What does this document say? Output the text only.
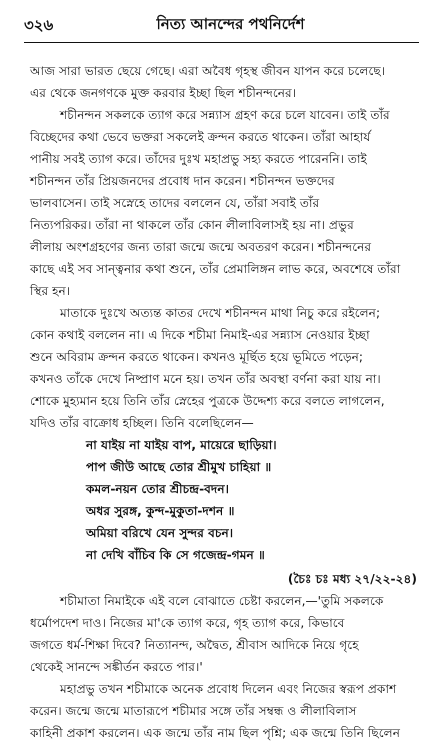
৩২৬	নিত্য আনন্দের পথনির্দেশ
আজ সারা ভারত ছেয়ে গেছে। এরা অবৈধ গৃহস্থ জীবন যাপন করে চলেছে।
এর থেকে জনগণকে মুক্ত করবার ইচ্ছা ছিল শচীনন্দনের।
শচীনন্দন সকলকে ত্যাগ করে সন্ন্যাস গ্রহণ করে চলে যাবেন। তাই তাঁর
বিচ্ছেদের কথা ভেবে ভক্তরা সকলেই ক্রন্দন করতে থাকেন। তাঁরা আহার্য
পানীয় সবই ত্যাগ করে। তাঁদের দুঃখ মহাপ্রভু সহ্য করতে পারেননি। তাই
শচীনন্দন তাঁর প্রিয়জনদের প্রবোধ দান করেন। শচীনন্দন ভক্তদের
ভালবাসেন। তাই সস্নেহে তাদের বললেন যে, তাঁরা সবাই তাঁর
নিত্যপরিকর। তাঁরা না থাকলে তাঁর কোন লীলাবিলাসই হয় না। প্রভুর
লীলায় অংশগ্রহণের জন্য তারা জন্মে জন্মে অবতরণ করেন। শচীনন্দনের
কাছে এই সব সান্ত্বনার কথা শুনে, তাঁর প্রেমালিঙ্গন লাভ করে, অবশেষে তাঁরা
স্থির হন।
মাতাকে দুঃখে অত্যন্ত কাতর দেখে শচীনন্দন মাথা নিচু করে রইলেন;
কোন কথাই বললেন না। এ দিকে শচীমা নিমাই-এর সন্ন্যাস নেওয়ার ইচ্ছা
শুনে অবিরাম ক্রন্দন করতে থাকেন। কখনও মূর্ছিত হয়ে ভূমিতে পড়েন;
কখনও তাঁকে দেখে নিষ্প্রাণ মনে হয়। তখন তাঁর অবস্থা বর্ণনা করা যায় না।
শোকে মুহ্যমান হয়ে তিনি তাঁর স্নেহের পুত্রকে উদ্দেশ্য করে বলতে লাগলেন,
যদিও তাঁর বাক্রোধ হচ্ছিল। তিনি বলেছিলেন—
না যাইয় না যাইয় বাপ, মায়েরে ছাড়িয়া।
পাপ জীউ আছে তোর শ্রীমুখ চাহিয়া ॥
কমল-নয়ন তোর শ্রীচন্দ্র-বদন।
অধর সুরঙ্গ, কুন্দ-মুকুতা-দশন ॥
অমিয়া বরিখে যেন সুন্দর বচন।
না দেখি বাঁচিব কি সে গজেন্দ্র-গমন ॥
(চৈঃ চঃ মধ্য ২৭/২২-২৪)
শচীমাতা নিমাইকে এই বলে বোঝাতে চেষ্টা করলেন,—'তুমি সকলকে
ধর্মোপদেশ দাও। নিজের মা'কে ত্যাগ করে, গৃহ ত্যাগ করে, কিভাবে
জগতে ধর্ম-শিক্ষা দিবে? নিত্যানন্দ, অদ্বৈত, শ্রীবাস আদিকে নিয়ে গৃহে
থেকেই সানন্দে সঙ্কীর্তন করতে পার।'
মহাপ্রভু তখন শচীমাকে অনেক প্রবোধ দিলেন এবং নিজের স্বরূপ প্রকাশ
করেন। জন্মে জন্মে মাতারূপে শচীমার সঙ্গে তাঁর সম্বন্ধ ও লীলাবিলাস
কাহিনী প্রকাশ করলেন। এক জন্মে তাঁর নাম ছিল পৃশ্নি; এক জন্মে তিনি ছিলেন
